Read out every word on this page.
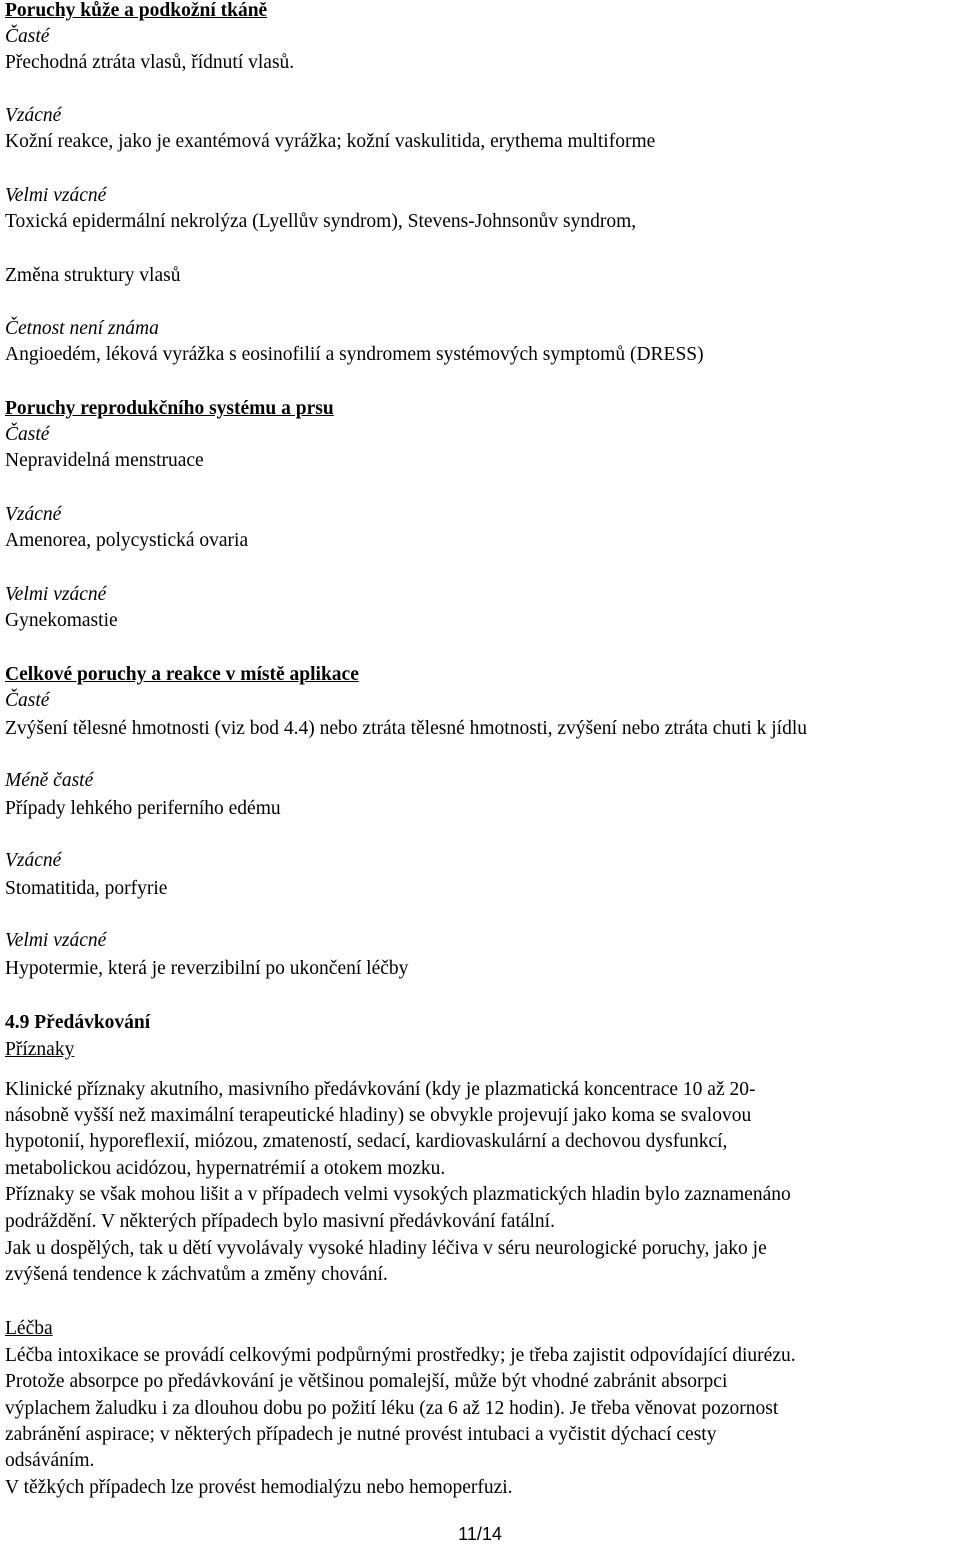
Poruchy kůže a podkožní tkáně
Časté
Přechodná ztráta vlasů, řídnutí vlasů.
Vzácné
Kožní reakce, jako je exantémová vyrážka; kožní vaskulitida, erythema multiforme
Velmi vzácné
Toxická epidermální nekrolýza (Lyellův syndrom), Stevens-Johnsonův syndrom,
Změna struktury vlasů
Četnost není známa
Angioedém, léková vyrážka s eosinofilií a syndromem systémových symptomů (DRESS)
Poruchy reprodukčního systému a prsu
Časté
Nepravidelná menstruace
Vzácné
Amenorea, polycystická ovaria
Velmi vzácné
Gynekomastie
Celkové poruchy a reakce v místě aplikace
Časté
Zvýšení tělesné hmotnosti (viz bod 4.4) nebo ztráta tělesné hmotnosti, zvýšení nebo ztráta chuti k jídlu
Méně časté
Případy lehkého periferního edému
Vzácné
Stomatitida, porfyrie
Velmi vzácné
Hypotermie, která je reverzibilní po ukončení léčby
4.9 Předávkování
Příznaky
Klinické příznaky akutního, masivního předávkování (kdy je plazmatická koncentrace 10 až 20-
násobně vyšší než maximální terapeutické hladiny) se obvykle projevují jako koma se svalovou
hypotonií, hyporeflexií, miózou, zmateností, sedací, kardiovaskulární a dechovou dysfunkcí,
metabolickou acidózou, hypernatrémií a otokem mozku.
Příznaky se však mohou lišit a v případech velmi vysokých plazmatických hladin bylo zaznamenáno
podráždění. V některých případech bylo masivní předávkování fatální.
Jak u dospělých, tak u dětí vyvolávaly vysoké hladiny léčiva v séru neurologické poruchy, jako je
zvýšená tendence k záchvatům a změny chování.
Léčba
Léčba intoxikace se provádí celkovými podpůrnými prostředky; je třeba zajistit odpovídající diurézu.
Protože absorpce po předávkování je většinou pomalejší, může být vhodné zabránit absorpci
výplachem žaludku i za dlouhou dobu po požití léku (za 6 až 12 hodin). Je třeba věnovat pozornost
zabránění aspirace; v některých případech je nutné provést intubaci a vyčistit dýchací cesty
odsáváním.
V těžkých případech lze provést hemodialýzu nebo hemoperfuzi.
11/14
